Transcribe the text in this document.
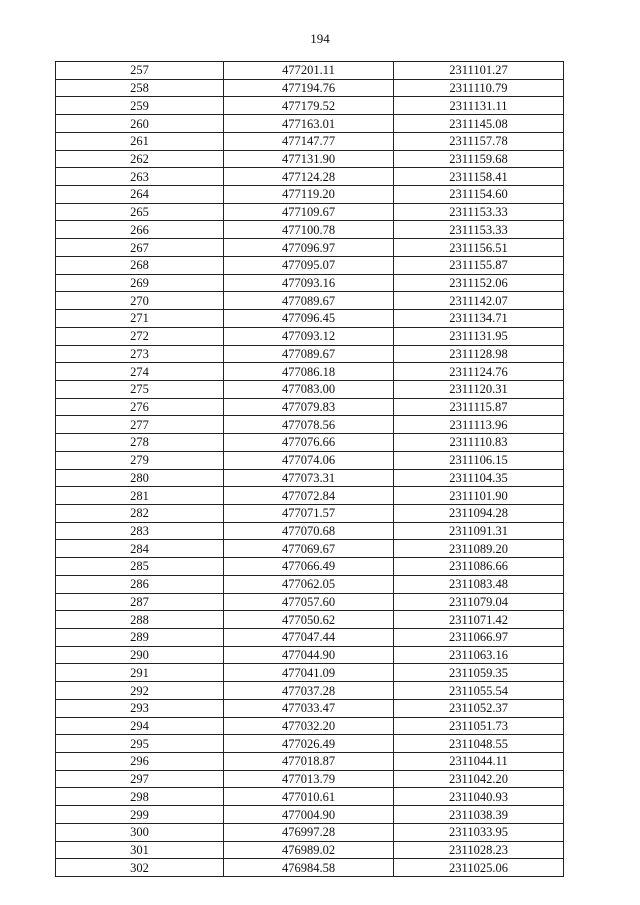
194
257	477201.11	2311101.27
258	477194.76	2311110.79
259	477179.52	2311131.11
260	477163.01	2311145.08
261	477147.77	2311157.78
262	477131.90	2311159.68
263	477124.28	2311158.41
264	477119.20	2311154.60
265	477109.67	2311153.33
266	477100.78	2311153.33
267	477096.97	2311156.51
268	477095.07	2311155.87
269	477093.16	2311152.06
270	477089.67	2311142.07
271	477096.45	2311134.71
272	477093.12	2311131.95
273	477089.67	2311128.98
274	477086.18	2311124.76
275	477083.00	2311120.31
276	477079.83	2311115.87
277	477078.56	2311113.96
278	477076.66	2311110.83
279	477074.06	2311106.15
280	477073.31	2311104.35
281	477072.84	2311101.90
282	477071.57	2311094.28
283	477070.68	2311091.31
284	477069.67	2311089.20
285	477066.49	2311086.66
286	477062.05	2311083.48
287	477057.60	2311079.04
288	477050.62	2311071.42
289	477047.44	2311066.97
290	477044.90	2311063.16
291	477041.09	2311059.35
292	477037.28	2311055.54
293	477033.47	2311052.37
294	477032.20	2311051.73
295	477026.49	2311048.55
296	477018.87	2311044.11
297	477013.79	2311042.20
298	477010.61	2311040.93
299	477004.90	2311038.39
300	476997.28	2311033.95
301	476989.02	2311028.23
302	476984.58	2311025.06
